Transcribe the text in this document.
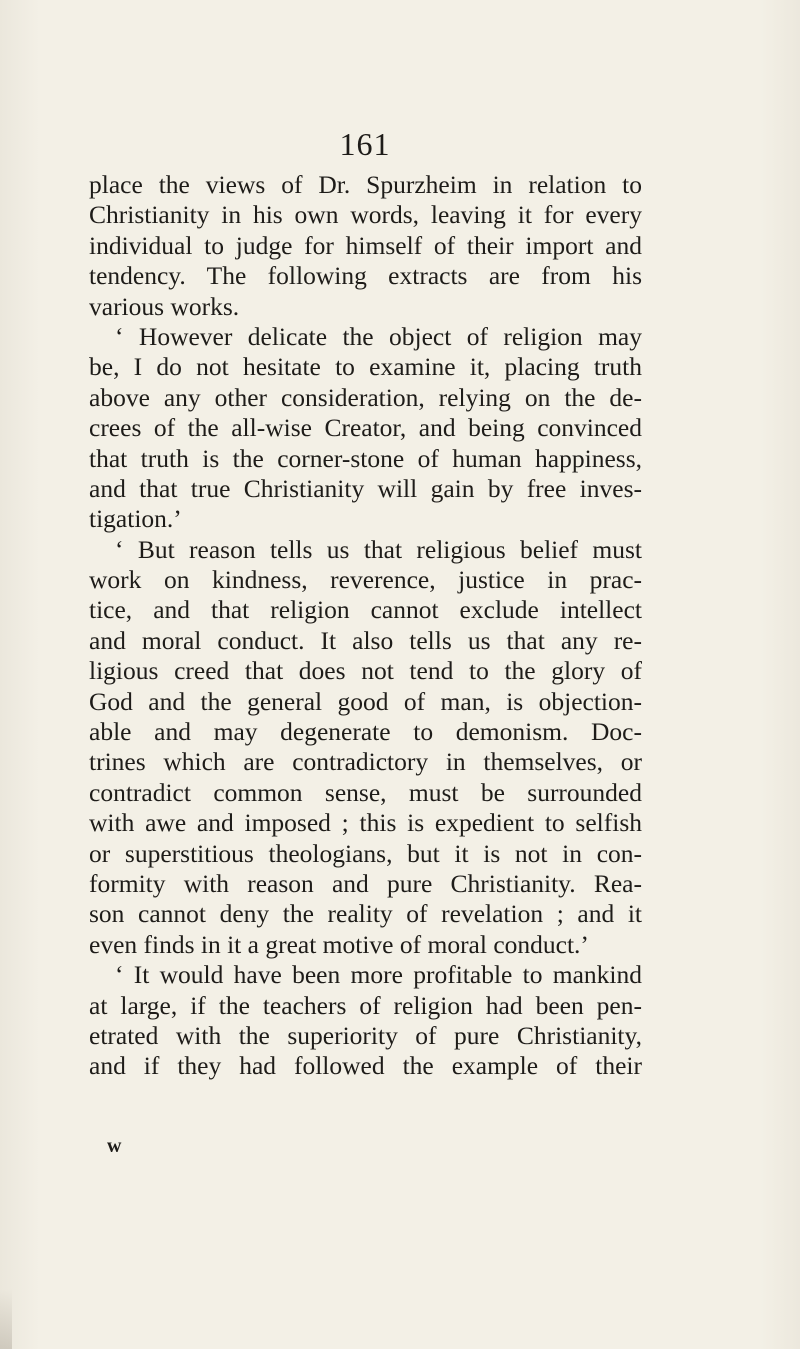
161
place the views of Dr. Spurzheim in relation to
Christianity in his own words, leaving it for every
individual to judge for himself of their import and
tendency. The following extracts are from his
various works.
‘ However delicate the object of religion may
be, I do not hesitate to examine it, placing truth
above any other consideration, relying on the de-
crees of the all-wise Creator, and being convinced
that truth is the corner-stone of human happiness,
and that true Christianity will gain by free inves-
tigation.’
‘ But reason tells us that religious belief must
work on kindness, reverence, justice in prac-
tice, and that religion cannot exclude intellect
and moral conduct. It also tells us that any re-
ligious creed that does not tend to the glory of
God and the general good of man, is objection-
able and may degenerate to demonism. Doc-
trines which are contradictory in themselves, or
contradict common sense, must be surrounded
with awe and imposed ; this is expedient to selfish
or superstitious theologians, but it is not in con-
formity with reason and pure Christianity. Rea-
son cannot deny the reality of revelation ; and it
even finds in it a great motive of moral conduct.’
‘ It would have been more profitable to mankind
at large, if the teachers of religion had been pen-
etrated with the superiority of pure Christianity,
and if they had followed the example of their
w
